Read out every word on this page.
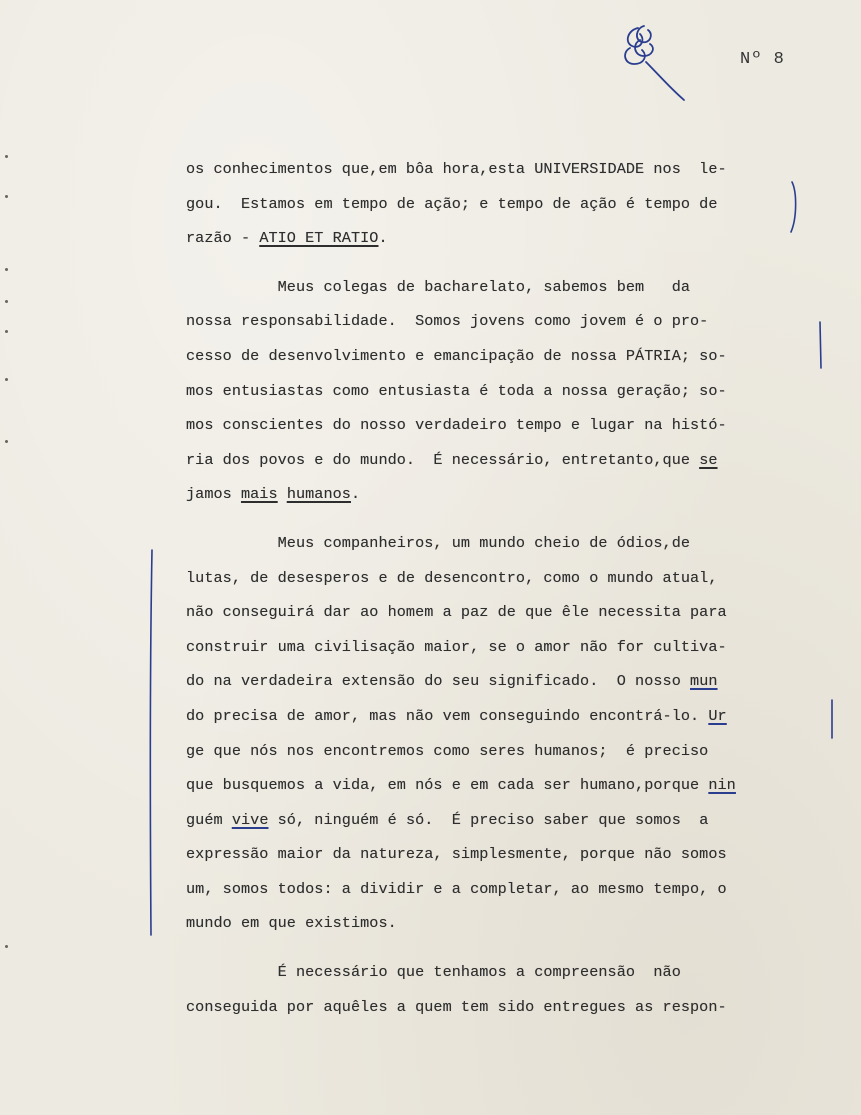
Nº 8
os conhecimentos que,em bôa hora,esta UNIVERSIDADE nos  le-
gou.  Estamos em tempo de ação; e tempo de ação é tempo de
razão - ATIO ET RATIO.
Meus colegas de bacharelato, sabemos bem   da
nossa responsabilidade.  Somos jovens como jovem é o pro-
cesso de desenvolvimento e emancipação de nossa PÁTRIA; so-
mos entusiastas como entusiasta é toda a nossa geração; so-
mos conscientes do nosso verdadeiro tempo e lugar na histó-
ria dos povos e do mundo.  É necessário, entretanto,que se
jamos mais humanos.
Meus companheiros, um mundo cheio de ódios,de
lutas, de desesperos e de desencontro, como o mundo atual,
não conseguirá dar ao homem a paz de que êle necessita para
construir uma civilisação maior, se o amor não for cultiva-
do na verdadeira extensão do seu significado.  O nosso mun
do precisa de amor, mas não vem conseguindo encontrá-lo. Ur
ge que nós nos encontremos como seres humanos;  é preciso
que busquemos a vida, em nós e em cada ser humano,porque nin
guém vive só, ninguém é só.  É preciso saber que somos  a
expressão maior da natureza, simplesmente, porque não somos
um, somos todos: a dividir e a completar, ao mesmo tempo, o
mundo em que existimos.
É necessário que tenhamos a compreensão  não
conseguida por aquêles a quem tem sido entregues as respon-
